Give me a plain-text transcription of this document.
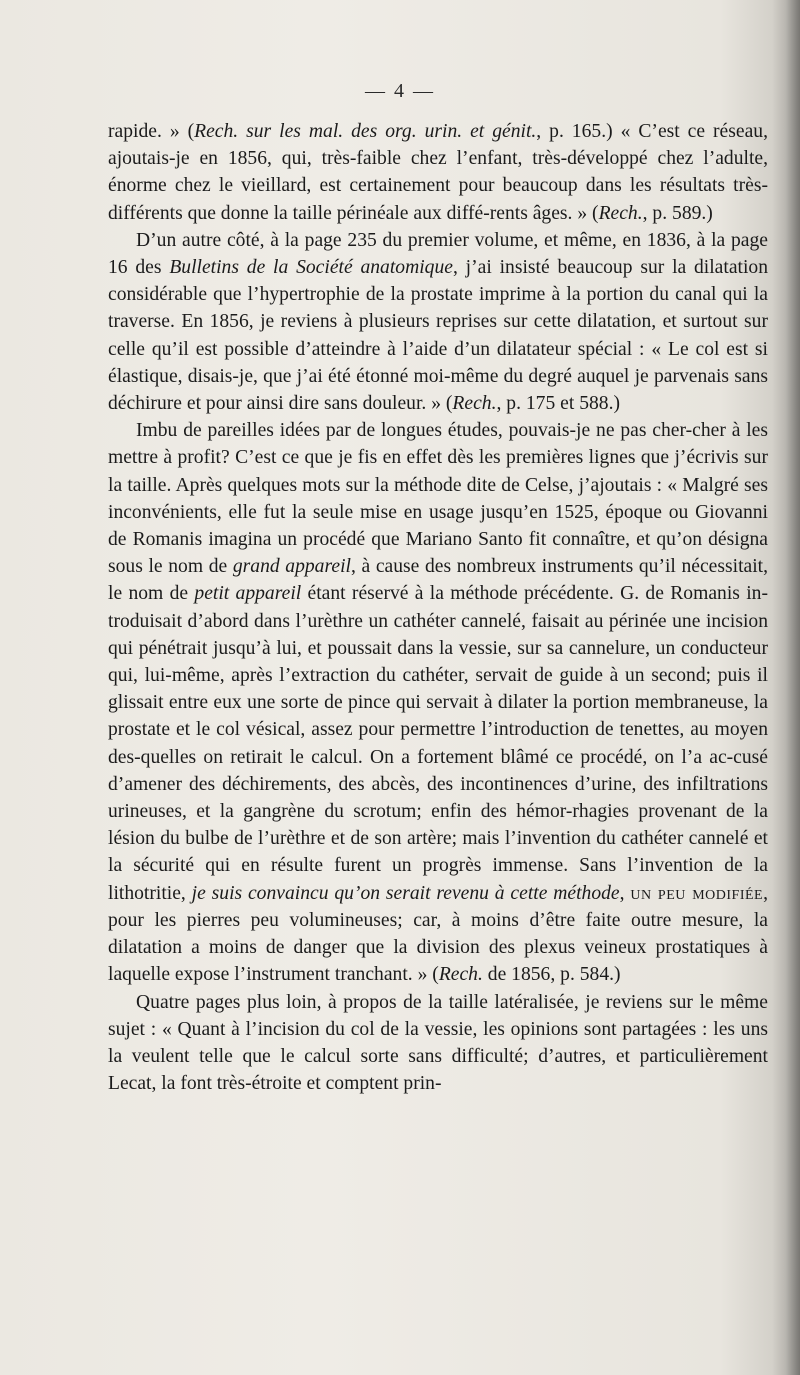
— 4 —

rapide. » (Rech. sur les mal. des org. urin. et génit., p. 165.) « C’est ce réseau, ajoutais-je en 1856, qui, très-faible chez l’enfant, très-développé chez l’adulte, énorme chez le vieillard, est certainement pour beaucoup dans les résultats très-différents que donne la taille périnéale aux diffé-rents âges. » (Rech., p. 589.)

D’un autre côté, à la page 235 du premier volume, et même, en 1836, à la page 16 des Bulletins de la Société anatomique, j’ai insisté beaucoup sur la dilatation considérable que l’hypertrophie de la prostate imprime à la portion du canal qui la traverse. En 1856, je reviens à plusieurs reprises sur cette dilatation, et surtout sur celle qu’il est possible d’atteindre à l’aide d’un dilatateur spécial : « Le col est si élastique, disais-je, que j’ai été étonné moi-même du degré auquel je parvenais sans déchirure et pour ainsi dire sans douleur. » (Rech., p. 175 et 588.)

Imbu de pareilles idées par de longues études, pouvais-je ne pas cher-cher à les mettre à profit? C’est ce que je fis en effet dès les premières lignes que j’écrivis sur la taille. Après quelques mots sur la méthode dite de Celse, j’ajoutais : « Malgré ses inconvénients, elle fut la seule mise en usage jusqu’en 1525, époque ou Giovanni de Romanis imagina un procédé que Mariano Santo fit connaître, et qu’on désigna sous le nom de grand appareil, à cause des nombreux instruments qu’il nécessitait, le nom de petit appareil étant réservé à la méthode précédente. G. de Romanis in-troduisait d’abord dans l’urèthre un cathéter cannelé, faisait au périnée une incision qui pénétrait jusqu’à lui, et poussait dans la vessie, sur sa cannelure, un conducteur qui, lui-même, après l’extraction du cathéter, servait de guide à un second; puis il glissait entre eux une sorte de pince qui servait à dilater la portion membraneuse, la prostate et le col vésical, assez pour permettre l’introduction de tenettes, au moyen des-quelles on retirait le calcul. On a fortement blâmé ce procédé, on l’a ac-cusé d’amener des déchirements, des abcès, des incontinences d’urine, des infiltrations urineuses, et la gangrène du scrotum; enfin des hémor-rhagies provenant de la lésion du bulbe de l’urèthre et de son artère; mais l’invention du cathéter cannelé et la sécurité qui en résulte furent un progrès immense. Sans l’invention de la lithotritie, je suis convaincu qu’on serait revenu à cette méthode, un peu modifiée, pour les pierres peu volumineuses; car, à moins d’être faite outre mesure, la dilatation a moins de danger que la division des plexus veineux prostatiques à laquelle expose l’instrument tranchant. » (Rech. de 1856, p. 584.)

Quatre pages plus loin, à propos de la taille latéralisée, je reviens sur le même sujet : « Quant à l’incision du col de la vessie, les opinions sont partagées : les uns la veulent telle que le calcul sorte sans difficulté; d’autres, et particulièrement Lecat, la font très-étroite et comptent prin-
